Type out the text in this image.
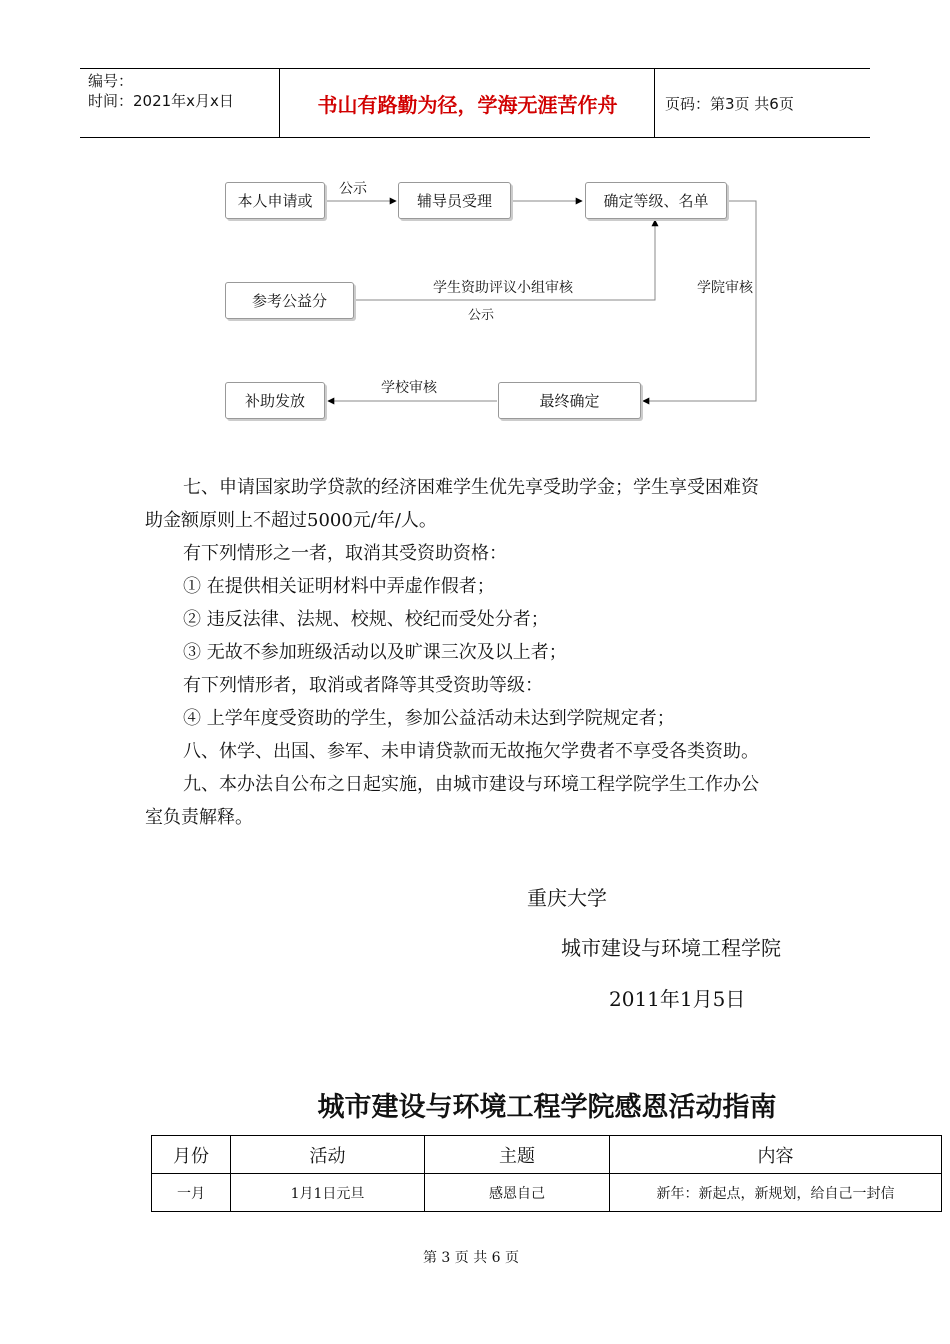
编号：
时间：2021年x月x日	书山有路勤为径，学海无涯苦作舟	页码：第3页 共6页
本人申请或	辅导员受理	确定等级、名单
参考公益分
最终确定
补助发放
公示
学生资助评议小组审核
公示
学院审核
学校审核
七、申请国家助学贷款的经济困难学生优先享受助学金；学生享受困难资
助金额原则上不超过5000元/年/人。
有下列情形之一者，取消其受资助资格：
① 在提供相关证明材料中弄虚作假者；
② 违反法律、法规、校规、校纪而受处分者；
③ 无故不参加班级活动以及旷课三次及以上者；
有下列情形者，取消或者降等其受资助等级：
④ 上学年度受资助的学生，参加公益活动未达到学院规定者；
八、休学、出国、参军、未申请贷款而无故拖欠学费者不享受各类资助。
九、本办法自公布之日起实施，由城市建设与环境工程学院学生工作办公
室负责解释。
重庆大学
城市建设与环境工程学院
2011年1月5日
城市建设与环境工程学院感恩活动指南
月份	活动	主题	内容
一月	1月1日元旦	感恩自己	新年：新起点，新规划，给自己一封信
第 3 页 共 6 页
